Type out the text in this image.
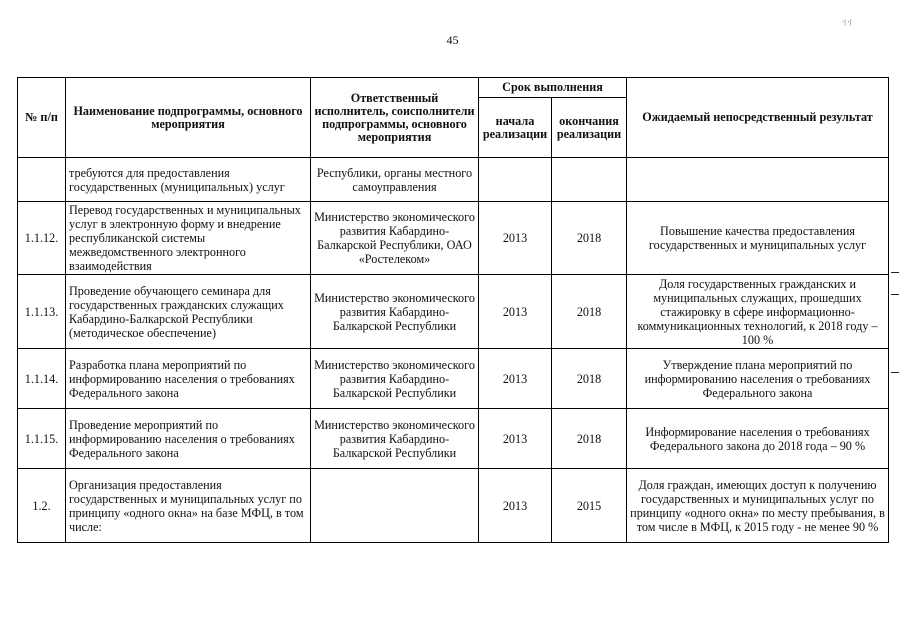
45
·| ·|
№ п/п	Наименование подпрограммы, основного мероприятия	Ответственный исполнитель, соисполнители подпрограммы, основного мероприятия	Срок выполнения		Ожидаемый непосредственный результат
			начала реализации	окончания реализации	
	требуются для предоставления государственных (муниципальных) услуг	Республики, органы местного самоуправления			
1.1.12.	Перевод государственных и муниципальных услуг в электронную форму и внедрение республиканской системы межведомственного электронного взаимодействия	Министерство экономического развития Кабардино-Балкарской Республики, ОАО «Ростелеком»	2013	2018	Повышение качества предоставления государственных и муниципальных услуг
1.1.13.	Проведение обучающего семинара для государственных гражданских служащих Кабардино-Балкарской Республики (методическое обеспечение)	Министерство экономического развития Кабардино-Балкарской Республики	2013	2018	Доля государственных гражданских и муниципальных служащих, прошедших стажировку в сфере информационно-коммуникационных технологий, к 2018 году – 100 %
1.1.14.	Разработка плана мероприятий по информированию населения о требованиях Федерального закона	Министерство экономического развития Кабардино-Балкарской Республики	2013	2018	Утверждение плана мероприятий по информированию населения о требованиях Федерального закона
1.1.15.	Проведение мероприятий по информированию населения о требованиях Федерального закона	Министерство экономического развития Кабардино-Балкарской Республики	2013	2018	Информирование населения о требованиях Федерального закона до 2018 года – 90 %
1.2.	Организация предоставления государственных и муниципальных услуг по принципу «одного окна» на базе МФЦ, в том числе:		2013	2015	Доля граждан, имеющих доступ к получению государственных и муниципальных услуг по принципу «одного окна» по месту пребывания, в том числе в МФЦ, к 2015 году - не менее 90 %
